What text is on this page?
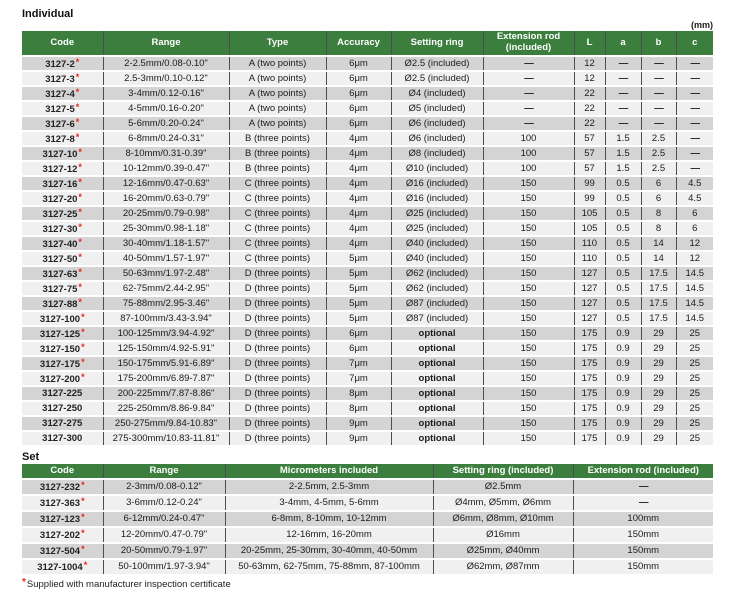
Individual
(mm)
Code	Range	Type	Accuracy	Setting ring	Extension rod (included)	L	a	b	c
3127-2*	2-2.5mm/0.08-0.10"	A (two points)	6μm	Ø2.5 (included)	—	12	—	—	—
3127-3*	2.5-3mm/0.10-0.12"	A (two points)	6μm	Ø2.5 (included)	—	12	—	—	—
3127-4*	3-4mm/0.12-0.16"	A (two points)	6μm	Ø4 (included)	—	22	—	—	—
3127-5*	4-5mm/0.16-0.20"	A (two points)	6μm	Ø5 (included)	—	22	—	—	—
3127-6*	5-6mm/0.20-0.24"	A (two points)	6μm	Ø6 (included)	—	22	—	—	—
3127-8*	6-8mm/0.24-0.31"	B (three points)	4μm	Ø6 (included)	100	57	1.5	2.5	—
3127-10*	8-10mm/0.31-0.39"	B (three points)	4μm	Ø8 (included)	100	57	1.5	2.5	—
3127-12*	10-12mm/0.39-0.47"	B (three points)	4μm	Ø10 (included)	100	57	1.5	2.5	—
3127-16*	12-16mm/0.47-0.63"	C (three points)	4μm	Ø16 (included)	150	99	0.5	6	4.5
3127-20*	16-20mm/0.63-0.79"	C (three points)	4μm	Ø16 (included)	150	99	0.5	6	4.5
3127-25*	20-25mm/0.79-0.98"	C (three points)	4μm	Ø25 (included)	150	105	0.5	8	6
3127-30*	25-30mm/0.98-1.18"	C (three points)	4μm	Ø25 (included)	150	105	0.5	8	6
3127-40*	30-40mm/1.18-1.57"	C (three points)	4μm	Ø40 (included)	150	110	0.5	14	12
3127-50*	40-50mm/1.57-1.97"	C (three points)	5μm	Ø40 (included)	150	110	0.5	14	12
3127-63*	50-63mm/1.97-2.48"	D (three points)	5μm	Ø62 (included)	150	127	0.5	17.5	14.5
3127-75*	62-75mm/2.44-2.95"	D (three points)	5μm	Ø62 (included)	150	127	0.5	17.5	14.5
3127-88*	75-88mm/2.95-3.46"	D (three points)	5μm	Ø87 (included)	150	127	0.5	17.5	14.5
3127-100*	87-100mm/3.43-3.94"	D (three points)	5μm	Ø87 (included)	150	127	0.5	17.5	14.5
3127-125*	100-125mm/3.94-4.92"	D (three points)	6μm	optional	150	175	0.9	29	25
3127-150*	125-150mm/4.92-5.91"	D (three points)	6μm	optional	150	175	0.9	29	25
3127-175*	150-175mm/5.91-6.89"	D (three points)	7μm	optional	150	175	0.9	29	25
3127-200*	175-200mm/6.89-7.87"	D (three points)	7μm	optional	150	175	0.9	29	25
3127-225	200-225mm/7.87-8.86"	D (three points)	8μm	optional	150	175	0.9	29	25
3127-250	225-250mm/8.86-9.84"	D (three points)	8μm	optional	150	175	0.9	29	25
3127-275	250-275mm/9.84-10.83"	D (three points)	9μm	optional	150	175	0.9	29	25
3127-300	275-300mm/10.83-11.81"	D (three points)	9μm	optional	150	175	0.9	29	25
Set
Code	Range	Micrometers included	Setting ring (included)	Extension rod (included)
3127-232*	2-3mm/0.08-0.12"	2-2.5mm, 2.5-3mm	Ø2.5mm	—
3127-363*	3-6mm/0.12-0.24"	3-4mm, 4-5mm, 5-6mm	Ø4mm, Ø5mm, Ø6mm	—
3127-123*	6-12mm/0.24-0.47"	6-8mm, 8-10mm, 10-12mm	Ø6mm, Ø8mm, Ø10mm	100mm
3127-202*	12-20mm/0.47-0.79"	12-16mm, 16-20mm	Ø16mm	150mm
3127-504*	20-50mm/0.79-1.97"	20-25mm, 25-30mm, 30-40mm, 40-50mm	Ø25mm, Ø40mm	150mm
3127-1004*	50-100mm/1.97-3.94"	50-63mm, 62-75mm, 75-88mm, 87-100mm	Ø62mm, Ø87mm	150mm
*Supplied with manufacturer inspection certificate
